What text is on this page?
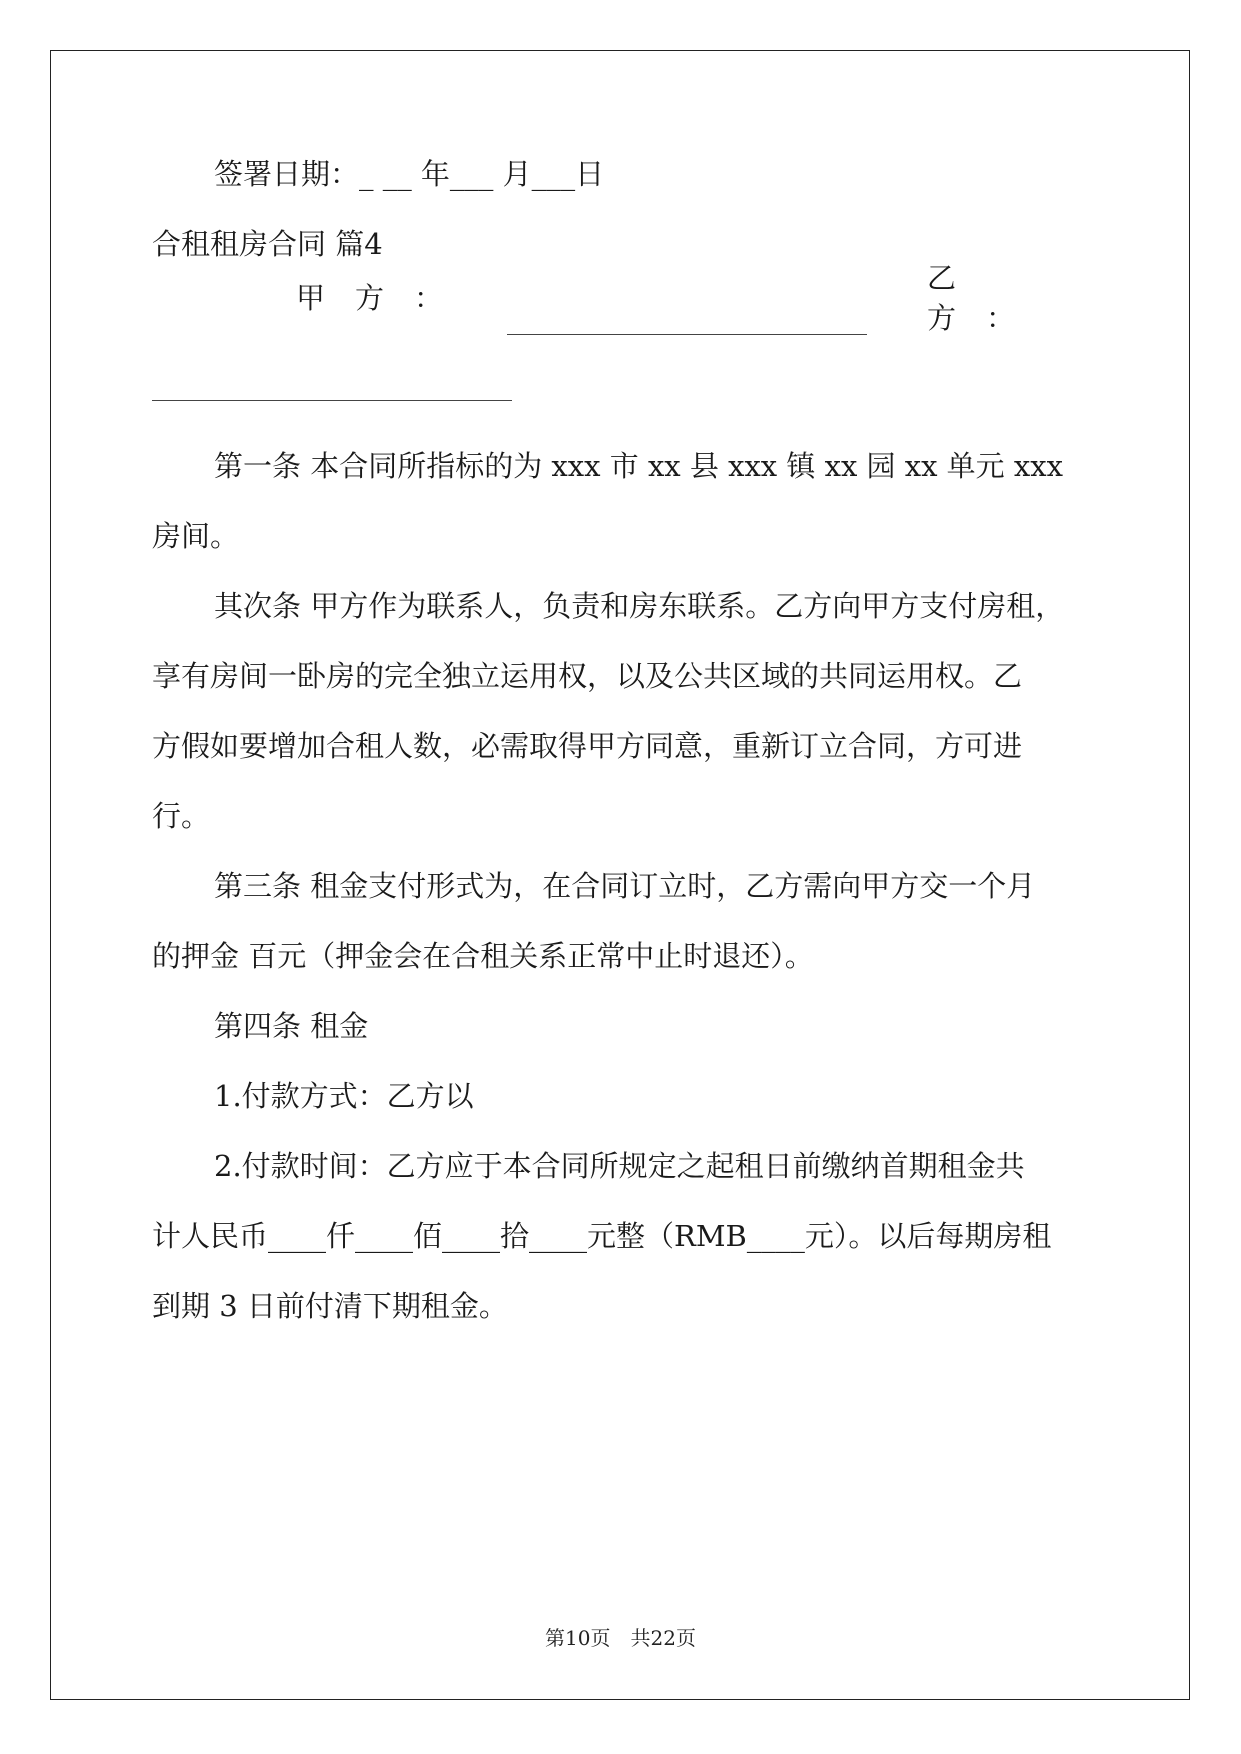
签署日期：_ __ 年___ 月___日
合租租房合同 篇4
甲方：
乙方：
第一条 本合同所指标的为 xxx 市 xx 县 xxx 镇 xx 园 xx 单元 xxx
房间。
其次条 甲方作为联系人，负责和房东联系。乙方向甲方支付房租，
享有房间一卧房的完全独立运用权，以及公共区域的共同运用权。乙
方假如要增加合租人数，必需取得甲方同意，重新订立合同，方可进
行。
第三条 租金支付形式为，在合同订立时，乙方需向甲方交一个月
的押金 百元（押金会在合租关系正常中止时退还）。
第四条 租金
1.付款方式：乙方以
2.付款时间：乙方应于本合同所规定之起租日前缴纳首期租金共
计人民币____仟____佰____拾____元整（RMB____元）。以后每期房租
到期 3 日前付清下期租金。
第10页　共22页
